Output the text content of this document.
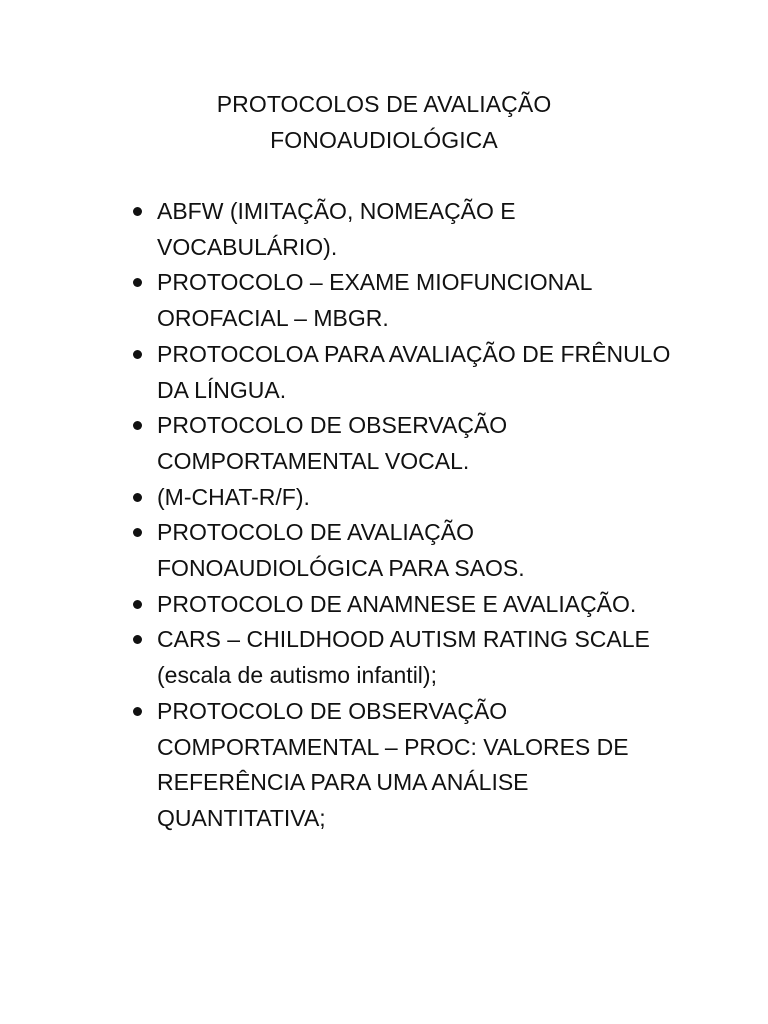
PROTOCOLOS DE AVALIAÇÃO
FONOAUDIOLÓGICA
ABFW (IMITAÇÃO, NOMEAÇÃO E VOCABULÁRIO).
PROTOCOLO – EXAME MIOFUNCIONAL OROFACIAL – MBGR.
PROTOCOLOA PARA AVALIAÇÃO DE FRÊNULO DA LÍNGUA.
PROTOCOLO DE OBSERVAÇÃO COMPORTAMENTAL VOCAL.
(M-CHAT-R/F).
PROTOCOLO DE AVALIAÇÃO FONOAUDIOLÓGICA PARA SAOS.
PROTOCOLO DE ANAMNESE E AVALIAÇÃO.
CARS – CHILDHOOD AUTISM RATING SCALE (escala de autismo infantil);
PROTOCOLO DE OBSERVAÇÃO COMPORTAMENTAL – PROC: VALORES DE REFERÊNCIA PARA UMA ANÁLISE QUANTITATIVA;
